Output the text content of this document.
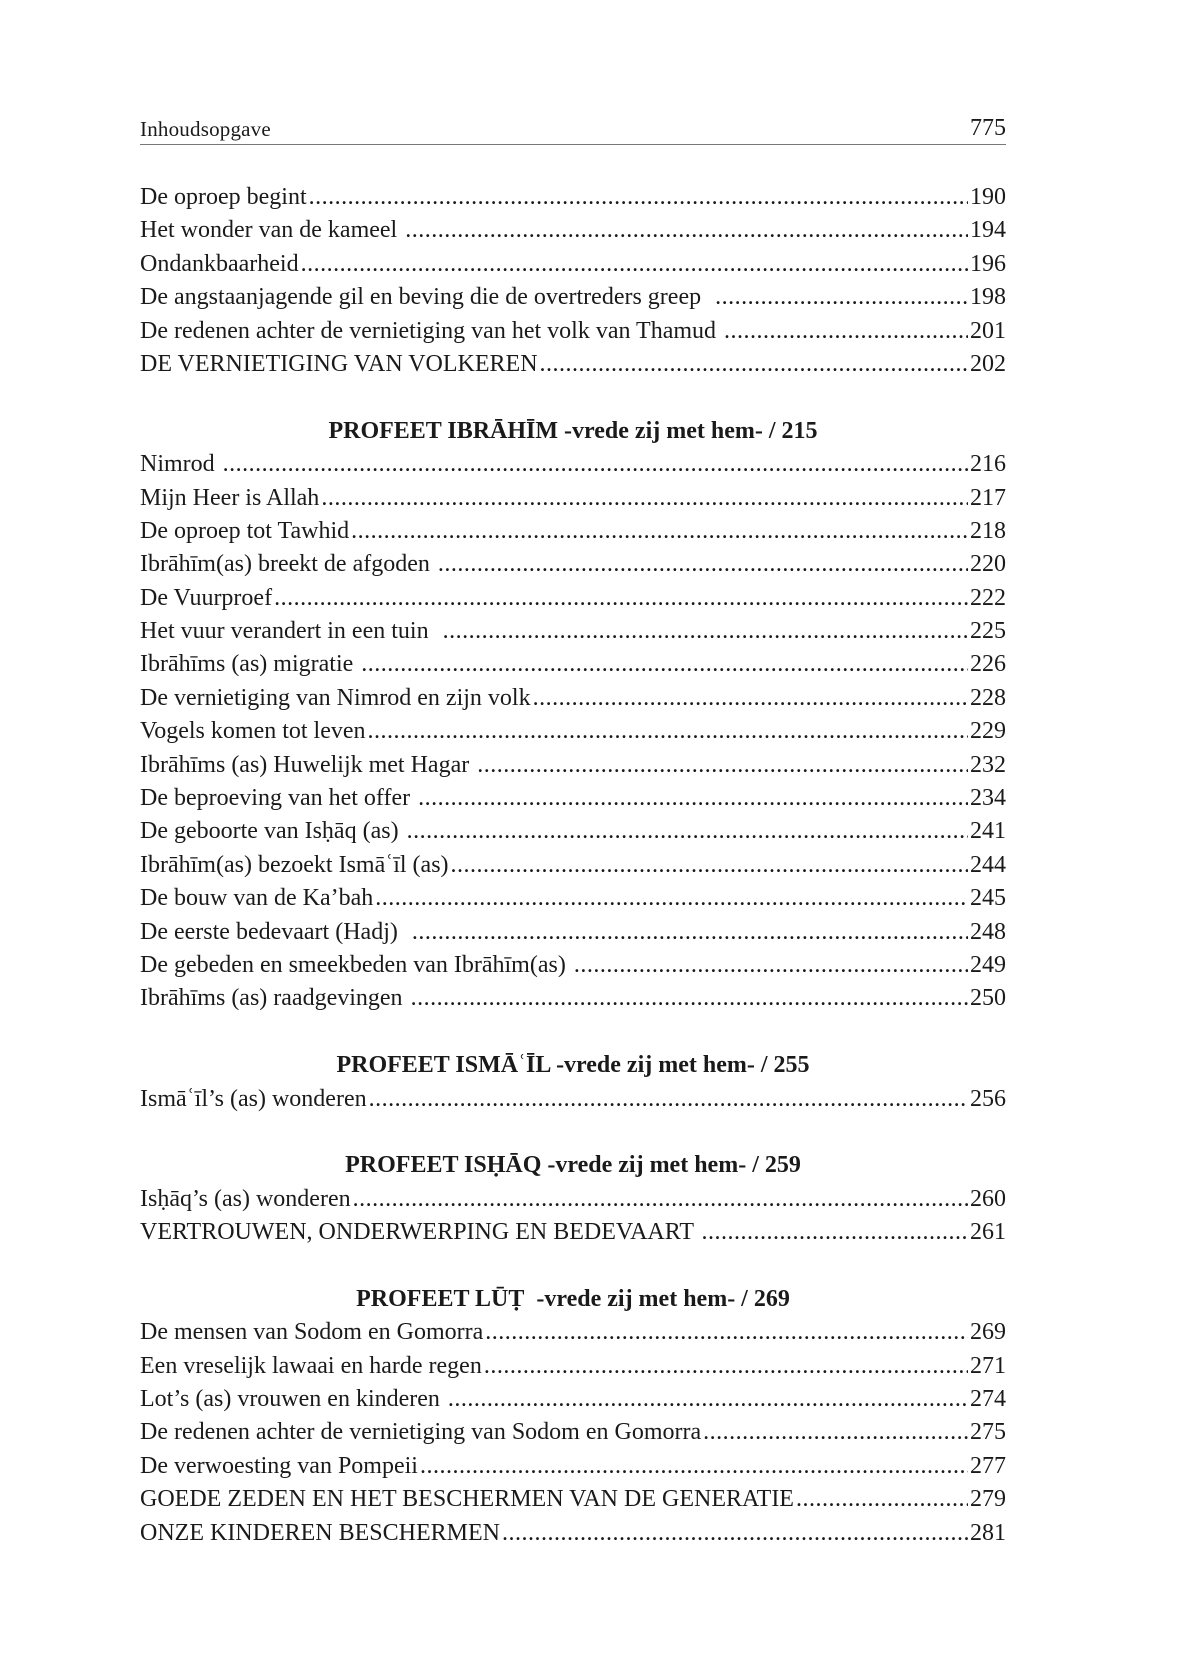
Inhoudsopgave	775
De oproep begint .....	190
Het wonder van de kameel .....	194
Ondankbaarheid .....	196
De angstaanjagende gil en beving die de overtreders greep .....	198
De redenen achter de vernietiging van het volk van Thamud .....	201
DE VERNIETIGING VAN VOLKEREN .....	202
PROFEET IBRĀHĪM -vrede zij met hem- / 215
Nimrod .....	216
Mijn Heer is Allah .....	217
De oproep tot Tawhid .....	218
Ibrāhīm(as) breekt de afgoden .....	220
De Vuurproef .....	222
Het vuur verandert in een tuin .....	225
Ibrāhīms (as) migratie .....	226
De vernietiging van Nimrod en zijn volk .....	228
Vogels komen tot leven .....	229
Ibrāhīms (as) Huwelijk met Hagar .....	232
De beproeving van het offer .....	234
De geboorte van Isḥāq (as) .....	241
Ibrāhīm(as) bezoekt Ismāʿīl (as) .....	244
De bouw van de Ka’bah .....	245
De eerste bedevaart (Hadj) .....	248
De gebeden en smeekbeden van Ibrāhīm(as) .....	249
Ibrāhīms (as) raadgevingen .....	250
PROFEET ISMĀʿĪL -vrede zij met hem- / 255
Ismāʿīl’s (as) wonderen .....	256
PROFEET ISḤĀQ -vrede zij met hem- / 259
Isḥāq’s (as) wonderen .....	260
VERTROUWEN, ONDERWERPING EN BEDEVAART .....	261
PROFEET LŪṬ  -vrede zij met hem- / 269
De mensen van Sodom en Gomorra .....	269
Een vreselijk lawaai en harde regen .....	271
Lot’s (as) vrouwen en kinderen .....	274
De redenen achter de vernietiging van Sodom en Gomorra .....	275
De verwoesting van Pompeii .....	277
GOEDE ZEDEN EN HET BESCHERMEN VAN DE GENERATIE .....	279
ONZE KINDEREN BESCHERMEN .....	281
